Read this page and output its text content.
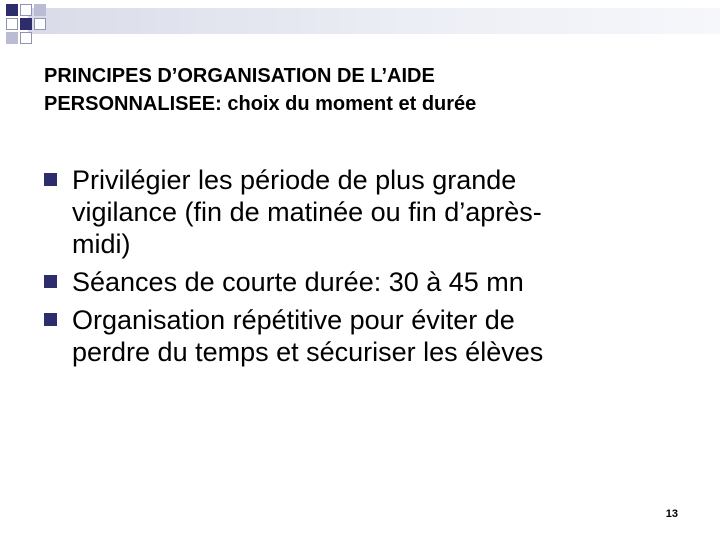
PRINCIPES D’ORGANISATION DE L’AIDE
PERSONNALISEE: choix du moment et durée
Privilégier les période de plus grande
vigilance (fin de matinée ou fin d’après-
midi)
Séances de courte durée: 30 à 45 mn
Organisation répétitive pour éviter de
perdre du temps et sécuriser les élèves
13
